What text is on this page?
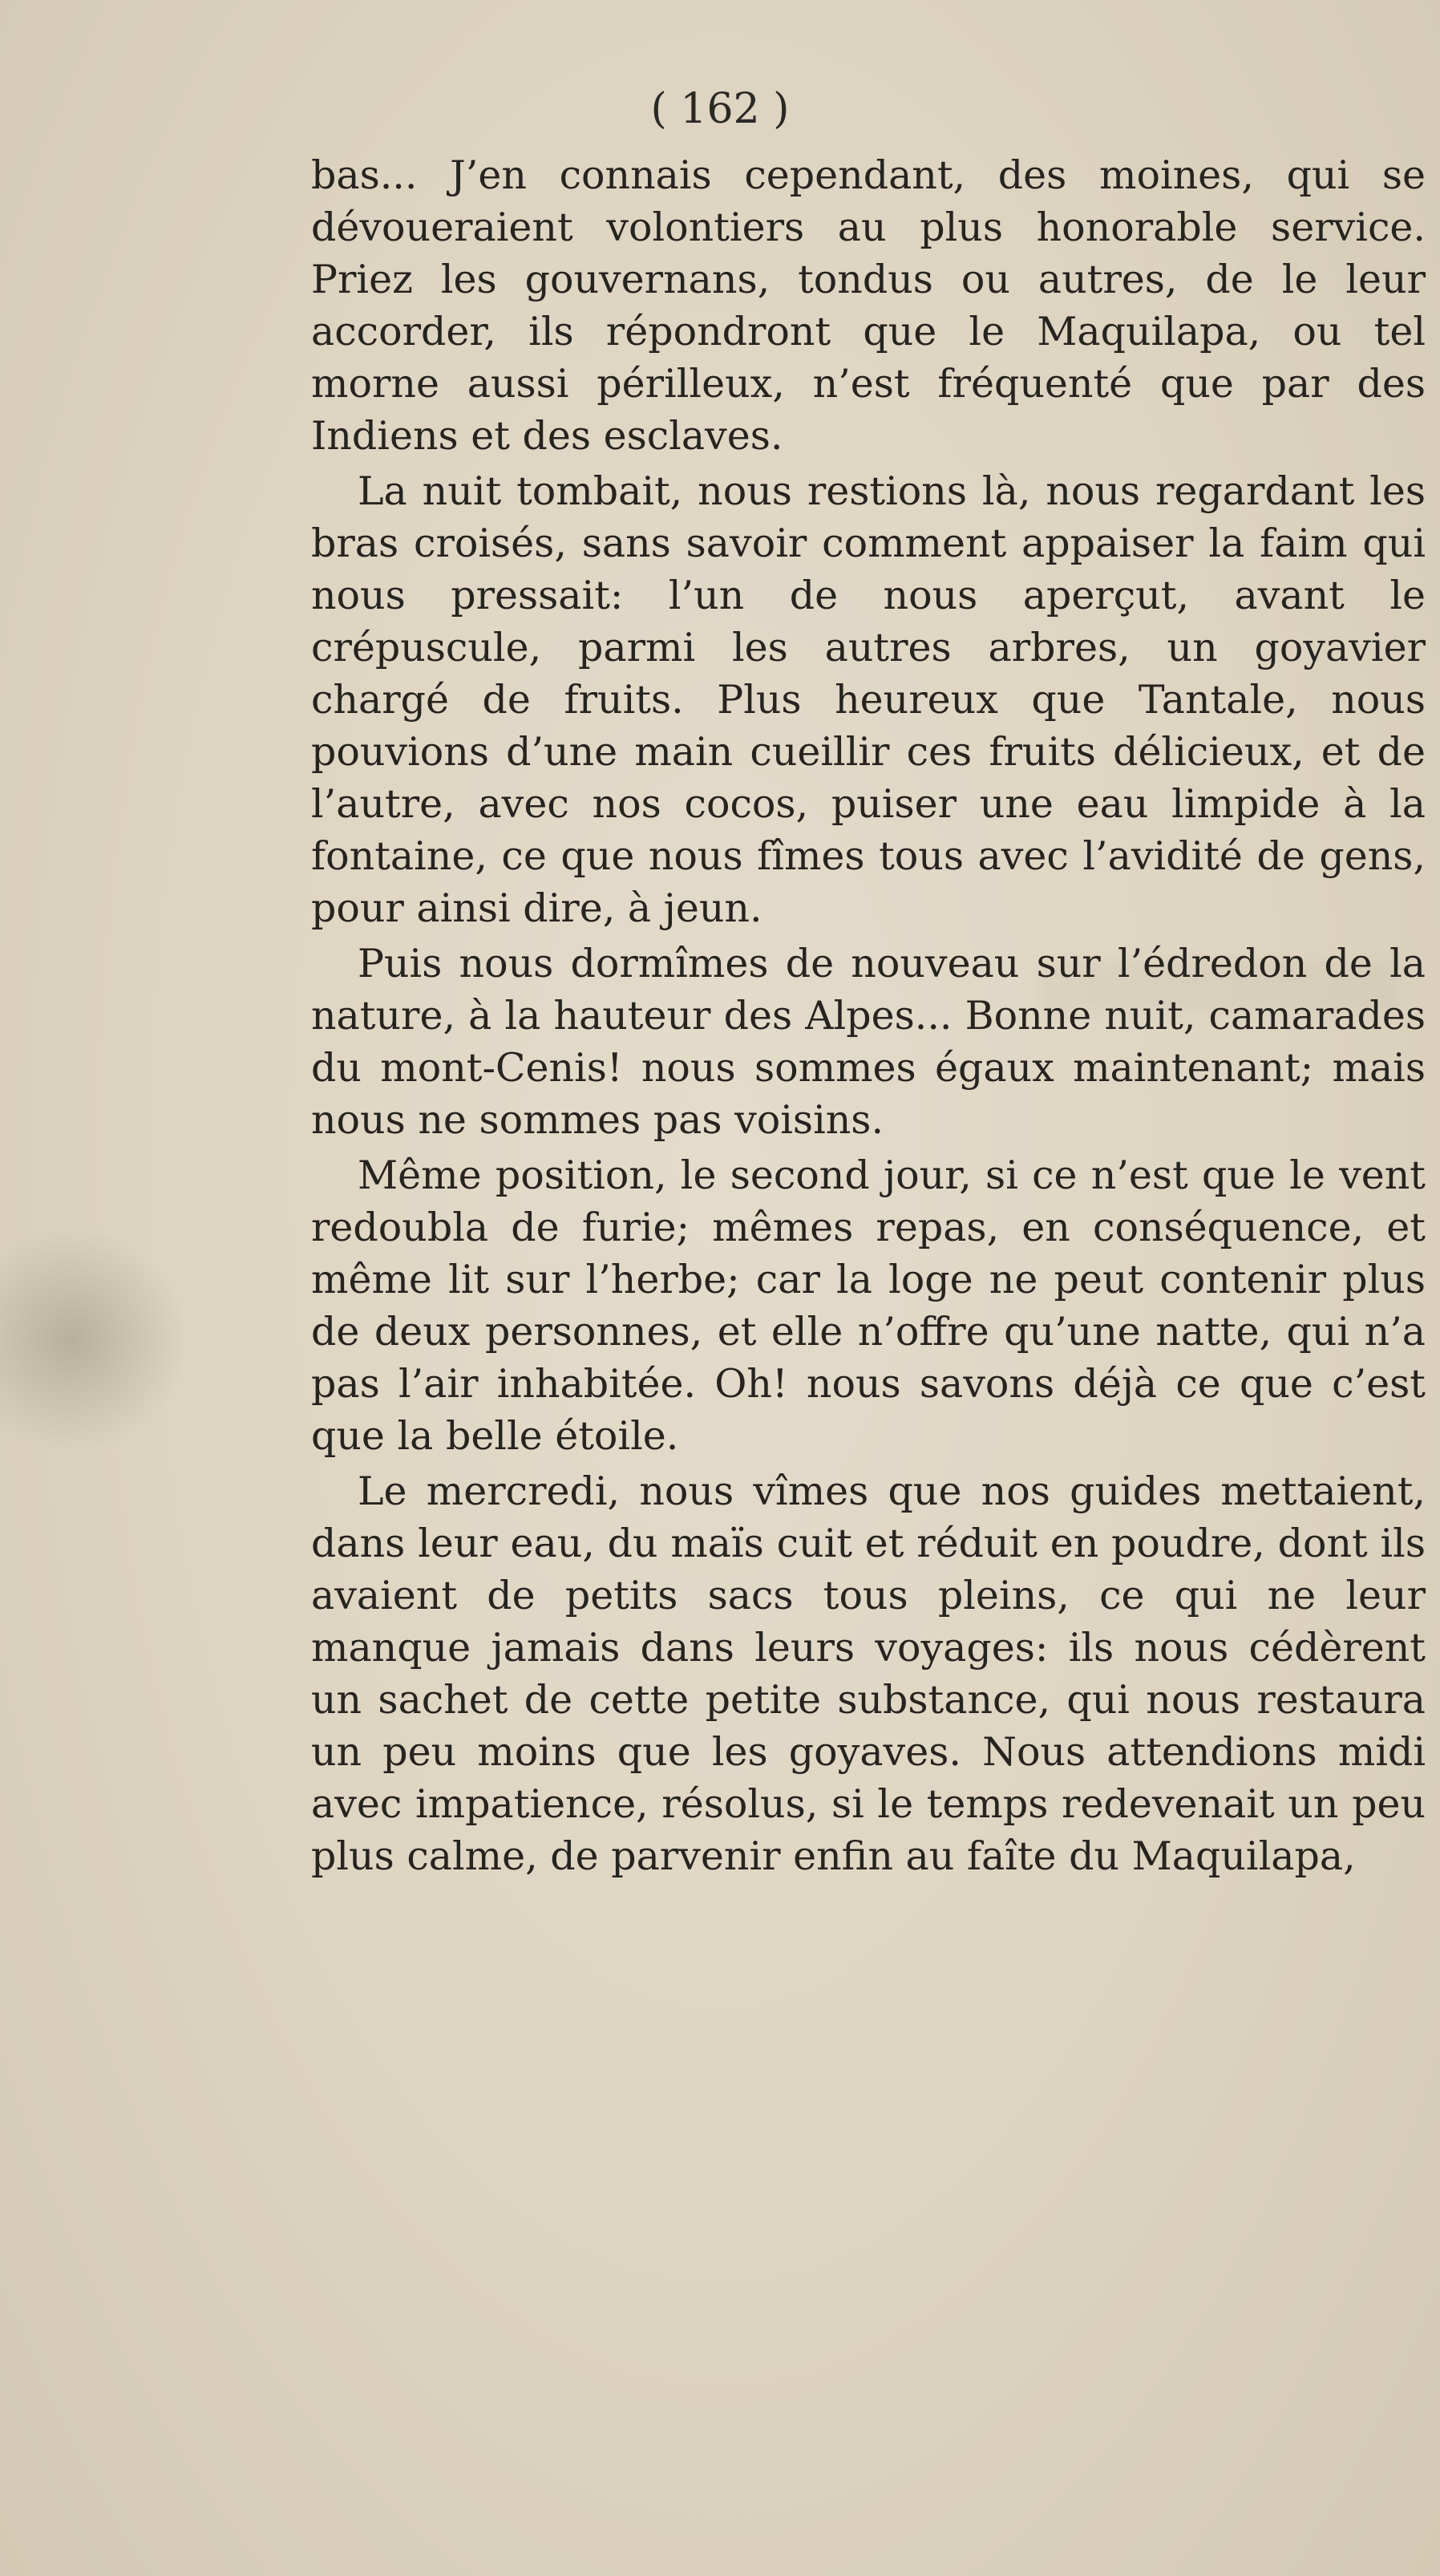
( 162 )

bas... J’en connais cependant, des moines, qui se dévoueraient volontiers au plus honorable service. Priez les gouvernans, tondus ou autres, de le leur accorder, ils répondront que le Maquilapa, ou tel morne aussi périlleux, n’est fréquenté que par des Indiens et des esclaves.

La nuit tombait, nous restions là, nous regardant les bras croisés, sans savoir comment appaiser la faim qui nous pressait: l’un de nous aperçut, avant le crépuscule, parmi les autres arbres, un goyavier chargé de fruits. Plus heureux que Tantale, nous pouvions d’une main cueillir ces fruits délicieux, et de l’autre, avec nos cocos, puiser une eau limpide à la fontaine, ce que nous fîmes tous avec l’avidité de gens, pour ainsi dire, à jeun.

Puis nous dormîmes de nouveau sur l’édredon de la nature, à la hauteur des Alpes... Bonne nuit, camarades du mont-Cenis! nous sommes égaux maintenant; mais nous ne sommes pas voisins.

Même position, le second jour, si ce n’est que le vent redoubla de furie; mêmes repas, en conséquence, et même lit sur l’herbe; car la loge ne peut contenir plus de deux personnes, et elle n’offre qu’une natte, qui n’a pas l’air inhabitée. Oh! nous savons déjà ce que c’est que la belle étoile.

Le mercredi, nous vîmes que nos guides mettaient, dans leur eau, du maïs cuit et réduit en poudre, dont ils avaient de petits sacs tous pleins, ce qui ne leur manque jamais dans leurs voyages: ils nous cédèrent un sachet de cette petite substance, qui nous restaura un peu moins que les goyaves. Nous attendions midi avec impatience, résolus, si le temps redevenait un peu plus calme, de parvenir enfin au faîte du Maquilapa,
